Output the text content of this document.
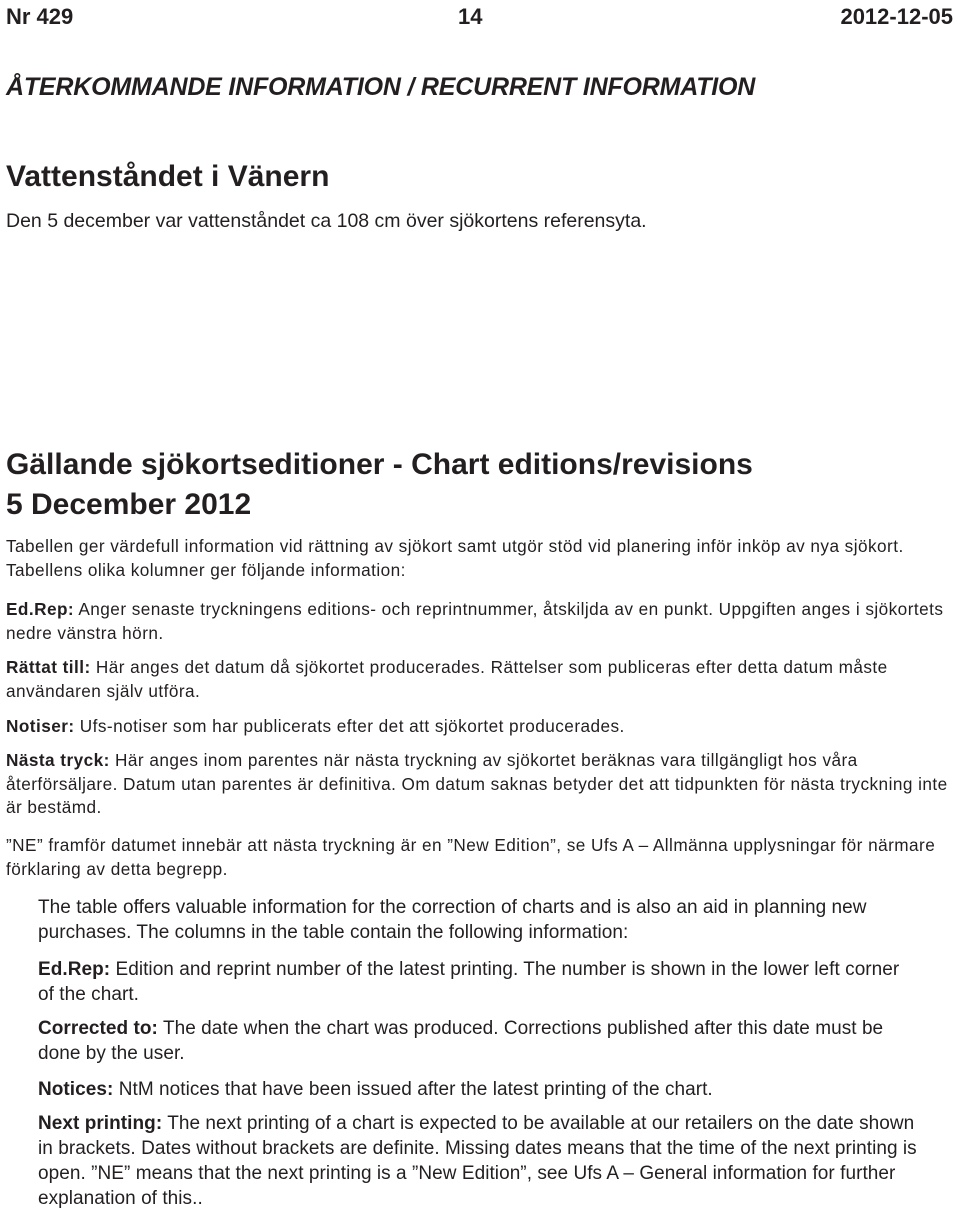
Nr 429	14	2012-12-05
ÅTERKOMMANDE INFORMATION / RECURRENT INFORMATION
Vattenståndet i Vänern
Den 5 december var vattenståndet ca 108 cm över sjökortens referensyta.
Gällande sjökortseditioner - Chart editions/revisions
5 December 2012
Tabellen ger värdefull information vid rättning av sjökort samt utgör stöd vid planering inför inköp av nya sjökort. Tabellens olika kolumner ger följande information:
Ed.Rep: Anger senaste tryckningens editions- och reprintnummer, åtskiljda av en punkt. Uppgiften anges i sjökortets nedre vänstra hörn.
Rättat till: Här anges det datum då sjökortet producerades. Rättelser som publiceras efter detta datum måste användaren själv utföra.
Notiser: Ufs-notiser som har publicerats efter det att sjökortet producerades.
Nästa tryck: Här anges inom parentes när nästa tryckning av sjökortet beräknas vara tillgängligt hos våra återförsäljare. Datum utan parentes är definitiva. Om datum saknas betyder det att tidpunkten för nästa tryckning inte är bestämd.
”NE” framför datumet innebär att nästa tryckning är en ”New Edition”, se Ufs A – Allmänna upplysningar för närmare förklaring av detta begrepp.
The table offers valuable information for the correction of charts and is also an aid in planning new purchases. The columns in the table contain the following information:
Ed.Rep: Edition and reprint number of the latest printing. The number is shown in the lower left corner of the chart.
Corrected to: The date when the chart was produced. Corrections published after this date must be done by the user.
Notices: NtM notices that have been issued after the latest printing of the chart.
Next printing: The next printing of a chart is expected to be available at our retailers on the date shown in brackets. Dates without brackets are definite. Missing dates means that the time of the next printing is open. ”NE” means that the next printing is a ”New Edition”, see Ufs A – General information for further explanation of this..
